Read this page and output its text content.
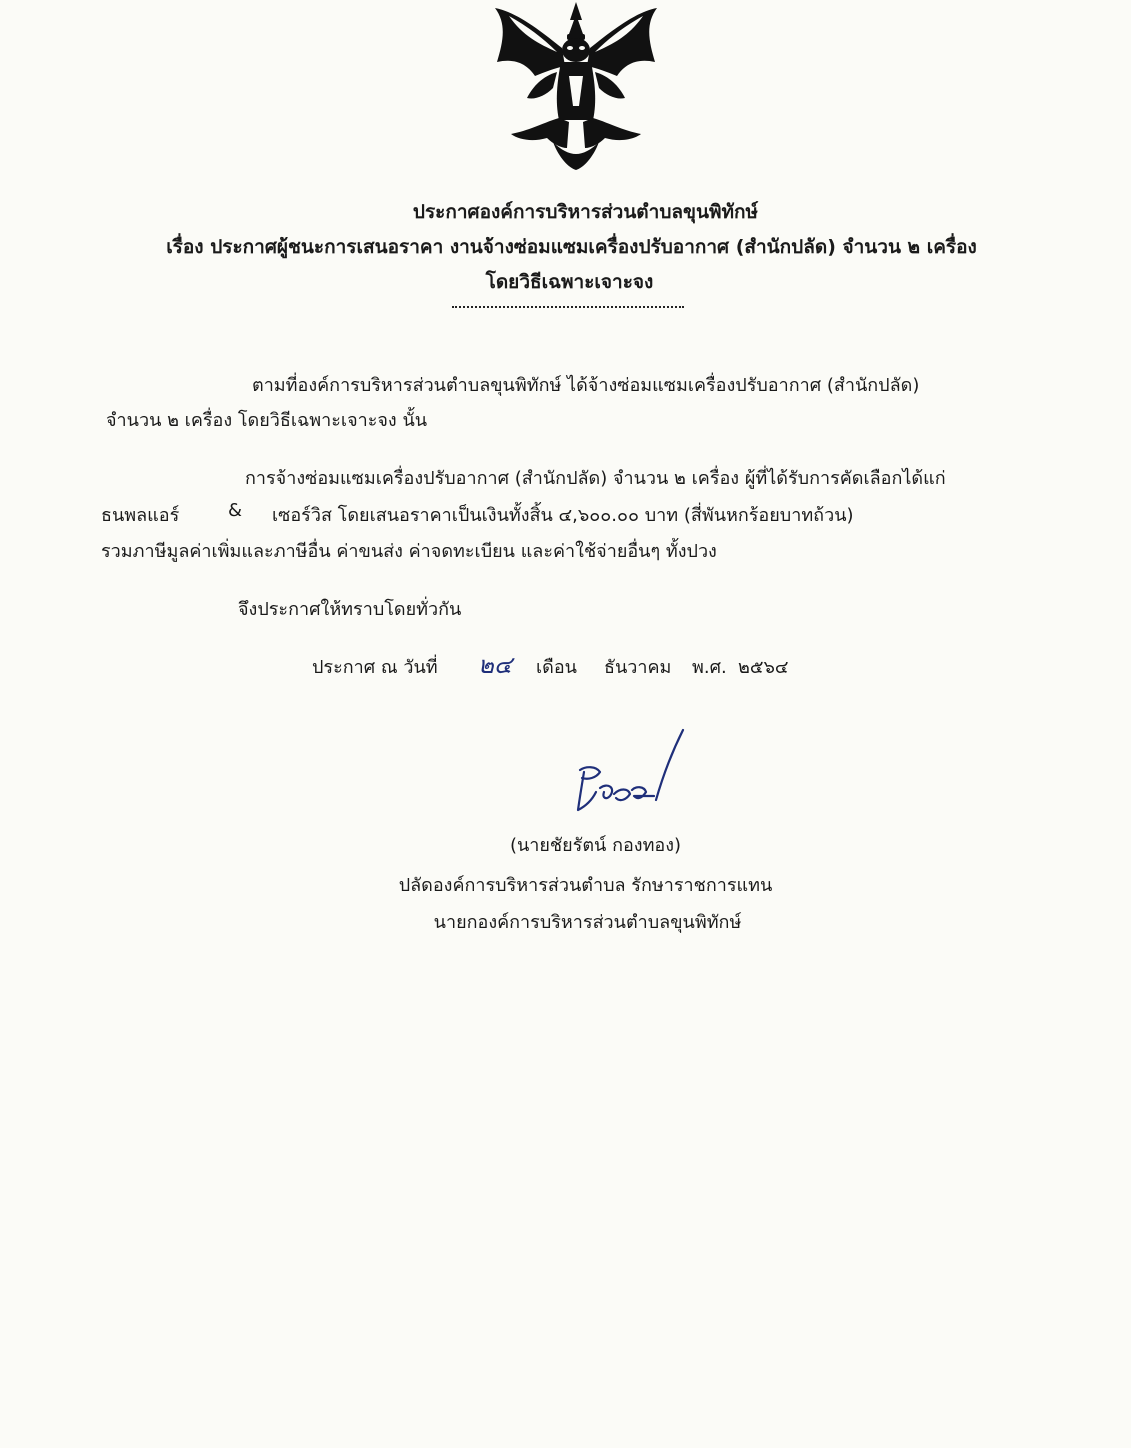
ประกาศองค์การบริหารส่วนตำบลขุนพิทักษ์
เรื่อง ประกาศผู้ชนะการเสนอราคา งานจ้างซ่อมแซมเครื่องปรับอากาศ (สำนักปลัด) จำนวน ๒ เครื่อง
โดยวิธีเฉพาะเจาะจง
ตามที่องค์การบริหารส่วนตำบลขุนพิทักษ์ ได้จ้างซ่อมแซมเครื่องปรับอากาศ (สำนักปลัด)
จำนวน ๒ เครื่อง โดยวิธีเฉพาะเจาะจง นั้น
การจ้างซ่อมแซมเครื่องปรับอากาศ (สำนักปลัด) จำนวน ๒ เครื่อง ผู้ที่ได้รับการคัดเลือกได้แก่
ธนพลแอร์	& เซอร์วิส โดยเสนอราคาเป็นเงินทั้งสิ้น ๔,๖๐๐.๐๐ บาท (สี่พันหกร้อยบาทถ้วน)
รวมภาษีมูลค่าเพิ่มและภาษีอื่น ค่าขนส่ง ค่าจดทะเบียน และค่าใช้จ่ายอื่นๆ ทั้งปวง
จึงประกาศให้ทราบโดยทั่วกัน
ประกาศ ณ วันที่ ๒๔ เดือน ธันวาคม พ.ศ. ๒๕๖๔
(นายชัยรัตน์ กองทอง)
ปลัดองค์การบริหารส่วนตำบล รักษาราชการแทน
นายกองค์การบริหารส่วนตำบลขุนพิทักษ์
